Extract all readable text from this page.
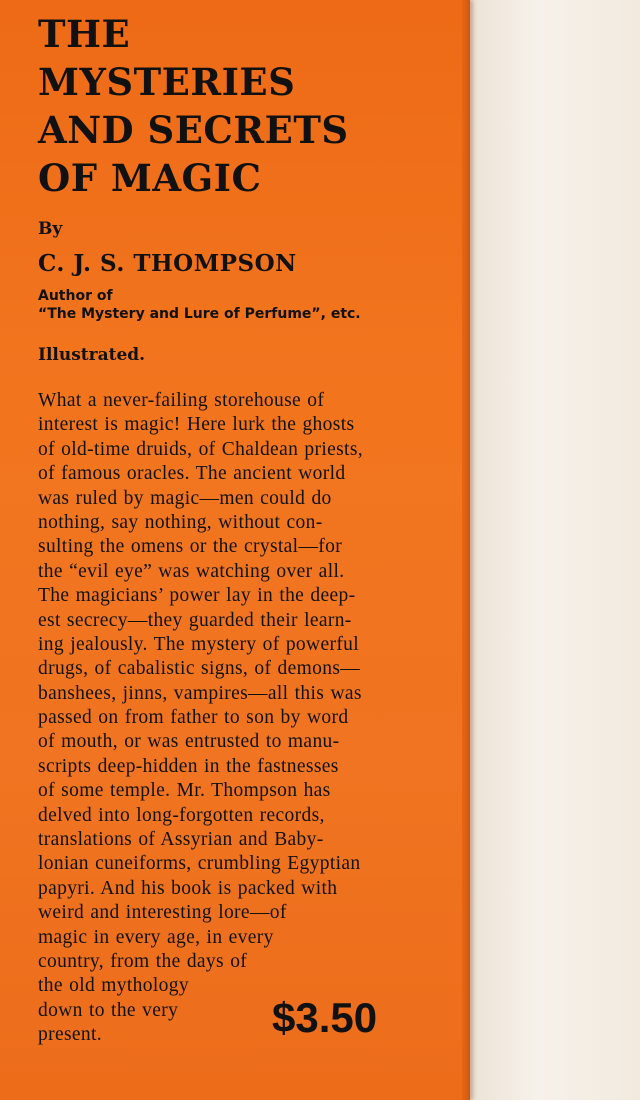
THE
MYSTERIES
AND SECRETS
OF MAGIC
By
C. J. S. THOMPSON
Author of
“The Mystery and Lure of Perfume”, etc.
Illustrated.
What a never-failing storehouse of
interest is magic! Here lurk the ghosts
of old-time druids, of Chaldean priests,
of famous oracles. The ancient world
was ruled by magic—men could do
nothing, say nothing, without con-
sulting the omens or the crystal—for
the “evil eye” was watching over all.
The magicians’ power lay in the deep-
est secrecy—they guarded their learn-
ing jealously. The mystery of powerful
drugs, of cabalistic signs, of demons—
banshees, jinns, vampires—all this was
passed on from father to son by word
of mouth, or was entrusted to manu-
scripts deep-hidden in the fastnesses
of some temple. Mr. Thompson has
delved into long-forgotten records,
translations of Assyrian and Baby-
lonian cuneiforms, crumbling Egyptian
papyri. And his book is packed with
weird and interesting lore—of
magic in every age, in every
country, from the days of
the old mythology
down to the very
present.	$3.50
